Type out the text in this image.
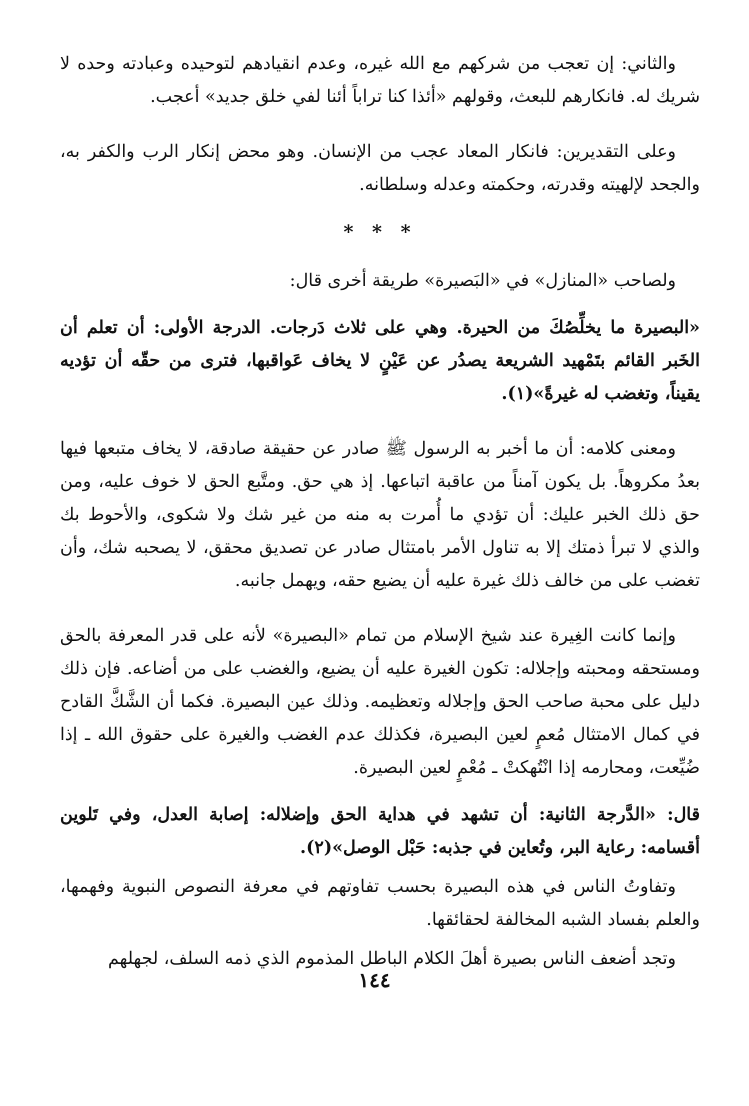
والثاني: إن تعجب من شركهم مع الله غيره، وعدم انقيادهم لتوحيده وعبادته وحده لا شريك له. فانكارهم للبعث، وقولهم «أئذا كنا تراباً أئنا لفي خلق جديد» أعجب.

وعلى التقديرين: فانكار المعاد عجب من الإنسان. وهو محض إنكار الرب والكفر به، والجحد لإلهيته وقدرته، وحكمته وعدله وسلطانه.

* * *

ولصاحب «المنازل» في «البَصيرة» طريقة أخرى قال:

«البصيرة ما يخلِّصُكَ من الحيرة. وهي على ثلاث دَرجات. الدرجة الأولى: أن تعلم أن الخَبر القائم بتَمْهيد الشريعة يصدُر عن عَيْنٍ لا يخاف عَواقبها، فترى من حقّه أن تؤديه يقيناً، وتغضب له غيرةً»(١).

ومعنى كلامه: أن ما أخبر به الرسول ﷺ صادر عن حقيقة صادقة، لا يخاف متبعها فيها بعدُ مكروهاً. بل يكون آمناً من عاقبة اتباعها. إذ هي حق. ومتَّبع الحق لا خوف عليه، ومن حق ذلك الخبر عليك: أن تؤدي ما أُمرت به منه من غير شك ولا شكوى، والأحوط بك والذي لا تبرأ ذمتك إلا به تناول الأمر بامتثال صادر عن تصديق محقق، لا يصحبه شك، وأن تغضب على من خالف ذلك غيرة عليه أن يضيع حقه، ويهمل جانبه.

وإنما كانت الغِيرة عند شيخ الإسلام من تمام «البصيرة» لأنه على قدر المعرفة بالحق ومستحقه ومحبته وإجلاله: تكون الغيرة عليه أن يضيع، والغضب على من أضاعه. فإن ذلك دليل على محبة صاحب الحق وإجلاله وتعظيمه. وذلك عين البصيرة. فكما أن الشَّكَّ القادح في كمال الامتثال مُعمٍ لعين البصيرة، فكذلك عدم الغضب والغيرة على حقوق الله ـ إذا ضُيِّعت، ومحارمه إذا انْتُهكتْ ـ مُعْمٍ لعين البصيرة.

قال: «الدَّرجة الثانية: أن تشهد في هداية الحق وإضلاله: إصابة العدل، وفي تَلوين أقسامه: رعاية البر، وتُعاين في جذبه: حَبْل الوصل»(٢).

وتفاوتُ الناس في هذه البصيرة بحسب تفاوتهم في معرفة النصوص النبوية وفهمها، والعلم بفساد الشبه المخالفة لحقائقها.

وتجد أضعف الناس بصيرة أهلَ الكلام الباطل المذموم الذي ذمه السلف، لجهلهم

١٤٤
